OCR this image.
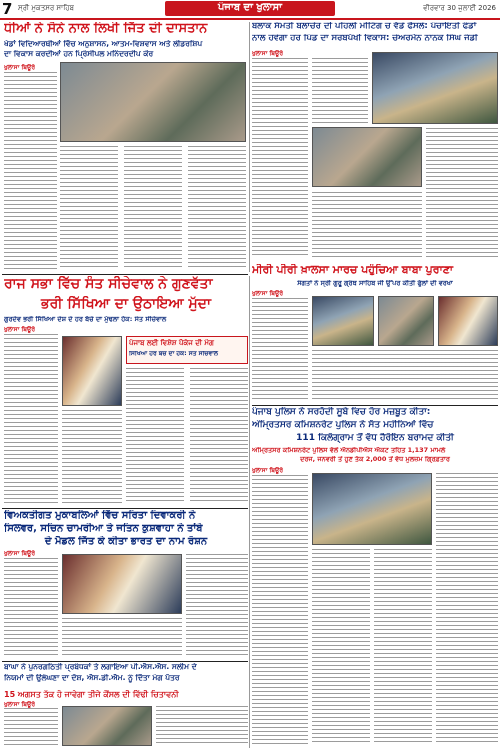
7 ਸ੍ਰੀ ਮੁਕਤਸਰ ਸਾਹਿਬ	ਪੰਜਾਬ ਦਾ ਖੁਲਾਸਾ	ਵੀਰਵਾਰ 30 ਜੁਲਾਈ 2026
ਧੀਆਂ ਨੇ ਸੋਨੇ ਨਾਲ ਲਿਖੀ ਜਿੱਤ ਦੀ ਦਾਸਤਾਨ
ਖੇਡਾਂ ਵਿਦਿਆਰਥੀਆਂ ਵਿੱਚ ਅਨੁਸ਼ਾਸਨ, ਆਤਮ-ਵਿਸ਼ਵਾਸ ਅਤੇ ਲੀਡਰਸ਼ਿਪ
ਦਾ ਵਿਕਾਸ ਕਰਦੀਆਂ ਹਨ ਪ੍ਰਿੰਸੀਪਲ ਮਨਿੰਦਰਦੀਪ ਕੌਰ
ਖੁਲਾਸਾ ਬਿਊਰੋ
ਬਲਾਕ ਸੰਮਤੀ ਬਲਾਚੌਰ ਦੀ ਪਹਿਲੀ ਮੀਟਿੰਗ ਚ ਵੱਡੇ ਫੈਸਲੇ: ਪੰਚਾਇਤੀ ਫੰਡਾਂ
ਨਾਲ ਹੋਵੇਗਾ ਹਰ ਪਿੰਡ ਦਾ ਸਰਬਪੱਖੀ ਵਿਕਾਸ: ਚੇਅਰਮੈਨ ਨਾਨਕ ਸਿੰਘ ਜੰਡੀ
ਖੁਲਾਸਾ ਬਿਊਰੋ
ਰਾਜ ਸਭਾ ਵਿੱਚ ਸੰਤ ਸੀਚੇਵਾਲ ਨੇ ਗੁਣਵੱਤਾ
ਭਰੀ ਸਿੱਖਿਆ ਦਾ ਉਠਾਇਆ ਮੁੱਦਾ
ਗੁਰਦੇਵ ਭਰੀ ਸਿੱਖਿਆ ਦੇਸ਼ ਦੇ ਹਰ ਬੱਚੇ ਦਾ ਮੁੱਢਲਾ ਹੱਕ: ਸੰਤ ਸੀਚੇਵਾਲ
ਖੁਲਾਸਾ ਬਿਊਰੋ
ਪੰਜਾਬ ਲਈ ਵਿਸ਼ੇਸ਼ ਪੈਕੇਜ ਦੀ ਮੰਗ
ਸਿੱਖਿਆ ਹਰ ਬੱਚੇ ਦਾ ਹੱਕ: ਸੰਤ ਸੀਚੇਵਾਲ
ਮੀਰੀ ਪੀਰੀ ਖ਼ਾਲਸਾ ਮਾਰਚ ਪਹੁੰਚਿਆ ਬਾਬਾ ਪੁਰਾਣਾ
ਸੰਗਤਾਂ ਨੇ ਸ੍ਰੀ ਗੁਰੂ ਗ੍ਰੰਥ ਸਾਹਿਬ ਜੀ ਉੱਪਰ ਕੀਤੀ ਫੁੱਲਾਂ ਦੀ ਵਰਖਾ
ਖੁਲਾਸਾ ਬਿਊਰੋ
ਪੰਜਾਬ ਪੁਲਿਸ ਨੇ ਸਰਹੱਦੀ ਸੂਬੇ ਵਿਚ ਹੋਰ ਮਜ਼ਬੂਤ ਕੀਤਾ:
ਅੰਮ੍ਰਿਤਸਰ ਕਮਿਸ਼ਨਰੇਟ ਪੁਲਿਸ ਨੇ ਸੱਤ ਮਹੀਨਿਆਂ ਵਿੱਚ
111 ਕਿਲੋਗ੍ਰਾਮ ਤੋਂ ਵੱਧ ਹੈਰੋਇਨ ਬਰਾਮਦ ਕੀਤੀ
ਅੰਮ੍ਰਿਤਸਰ ਕਮਿਸ਼ਨਰੇਟ ਪੁਲਿਸ ਵੱਲੋਂ ਐਨਡੀਪੀਐਸ ਐਕਟ ਤਹਿਤ 1,137 ਮਾਮਲੇ
ਦਰਜ, ਜਨਵਰੀ ਤੋਂ ਹੁਣ ਤੱਕ 2,000 ਤੋਂ ਵੱਧ ਮੁਲਜ਼ਮ ਗ੍ਰਿਫ਼ਤਾਰ
ਖੁਲਾਸਾ ਬਿਊਰੋ
ਵਿਅਕਤੀਗਤ ਮੁਕਾਬਲਿਆਂ ਵਿੱਚ ਸਰਿਤਾ ਦਿਵਾਕਰੀ ਨੇ
ਸਿਲਵਰ, ਸਚਿਨ ਚਾਮਰੀਆ ਤੇ ਜਤਿਨ ਕੁਸ਼ਵਾਹਾ ਨੇ ਤਾਂਬੇ
ਦੇ ਮੈਡਲ ਜਿੱਤ ਕੇ ਕੀਤਾ ਭਾਰਤ ਦਾ ਨਾਮ ਰੋਸ਼ਨ
ਖੁਲਾਸਾ ਬਿਊਰੋ
ਬਾਘਾ ਨੇ ਪੁਨਰਗਠਿਤੀ ਪ੍ਰਬੰਧਕਾਂ ਤੇ ਲਗਾਇਆ ਪੀ.ਐਸ.ਐਸ. ਸਲੀਮ ਦੇ
ਨਿਯਮਾਂ ਦੀ ਉਲੰਘਣਾ ਦਾ ਦੋਸ਼, ਐਸ.ਡੀ.ਐਮ. ਨੂੰ ਦਿੱਤਾ ਮੰਗ ਪੱਤਰ
15 ਅਗਸਤ ਤੱਕ ਹੋ ਜਾਵੇਗਾ ਤੀਜੇ ਕੌਂਸਲ ਦੀ ਵਿੱਢੀ ਚਿਤਾਵਨੀ
ਖੁਲਾਸਾ ਬਿਊਰੋ
